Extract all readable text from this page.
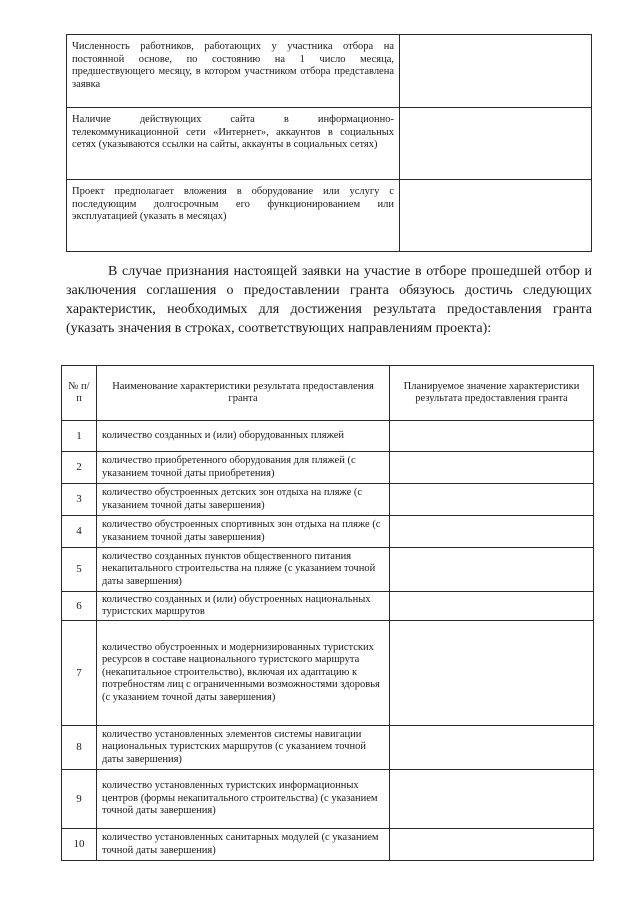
Численность работников, работающих у участника отбора на постоянной основе, по состоянию на 1 число месяца, предшествующего месяцу, в котором участником отбора представлена заявка	
Наличие действующих сайта в информационно-телекоммуникационной сети «Интернет», аккаунтов в социальных сетях (указываются ссылки на сайты, аккаунты в социальных сетях)	
Проект предполагает вложения в оборудование или услугу с последующим долгосрочным его функционированием или эксплуатацией (указать в месяцах)	

В случае признания настоящей заявки на участие в отборе прошедшей отбор и заключения соглашения о предоставлении гранта обязуюсь достичь следующих характеристик, необходимых для достижения результата предоставления гранта (указать значения в строках, соответствующих направлениям проекта):

№ п/п	Наименование характеристики результата предоставления гранта	Планируемое значение характеристики результата предоставления гранта
1	количество созданных и (или) оборудованных пляжей	
2	количество приобретенного оборудования для пляжей (с указанием точной даты приобретения)	
3	количество обустроенных детских зон отдыха на пляже (с указанием точной даты завершения)	
4	количество обустроенных спортивных зон отдыха на пляже (с указанием точной даты завершения)	
5	количество созданных пунктов общественного питания некапитального строительства на пляже (с указанием точной даты завершения)	
6	количество созданных и (или) обустроенных национальных туристских маршрутов	
7	количество обустроенных и модернизированных туристских ресурсов в составе национального туристского маршрута (некапитальное строительство), включая их адаптацию к потребностям лиц с ограниченными возможностями здоровья (с указанием точной даты завершения)	
8	количество установленных элементов системы навигации национальных туристских маршрутов (с указанием точной даты завершения)	
9	количество установленных туристских информационных центров (формы некапитального строительства) (с указанием точной даты завершения)	
10	количество установленных санитарных модулей (с указанием точной даты завершения)	
